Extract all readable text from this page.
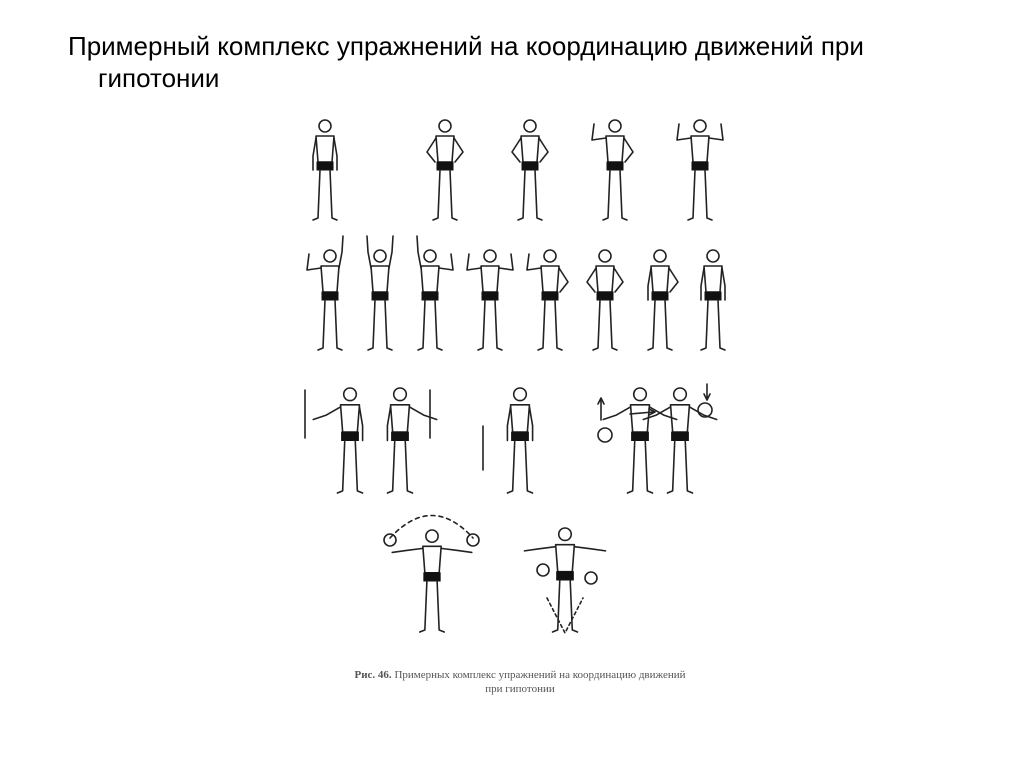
Примерный комплекс упражнений на координацию движений при
гипотонии
Рис. 46. Примерных комплекс упражнений на координацию движений
при гипотонии
